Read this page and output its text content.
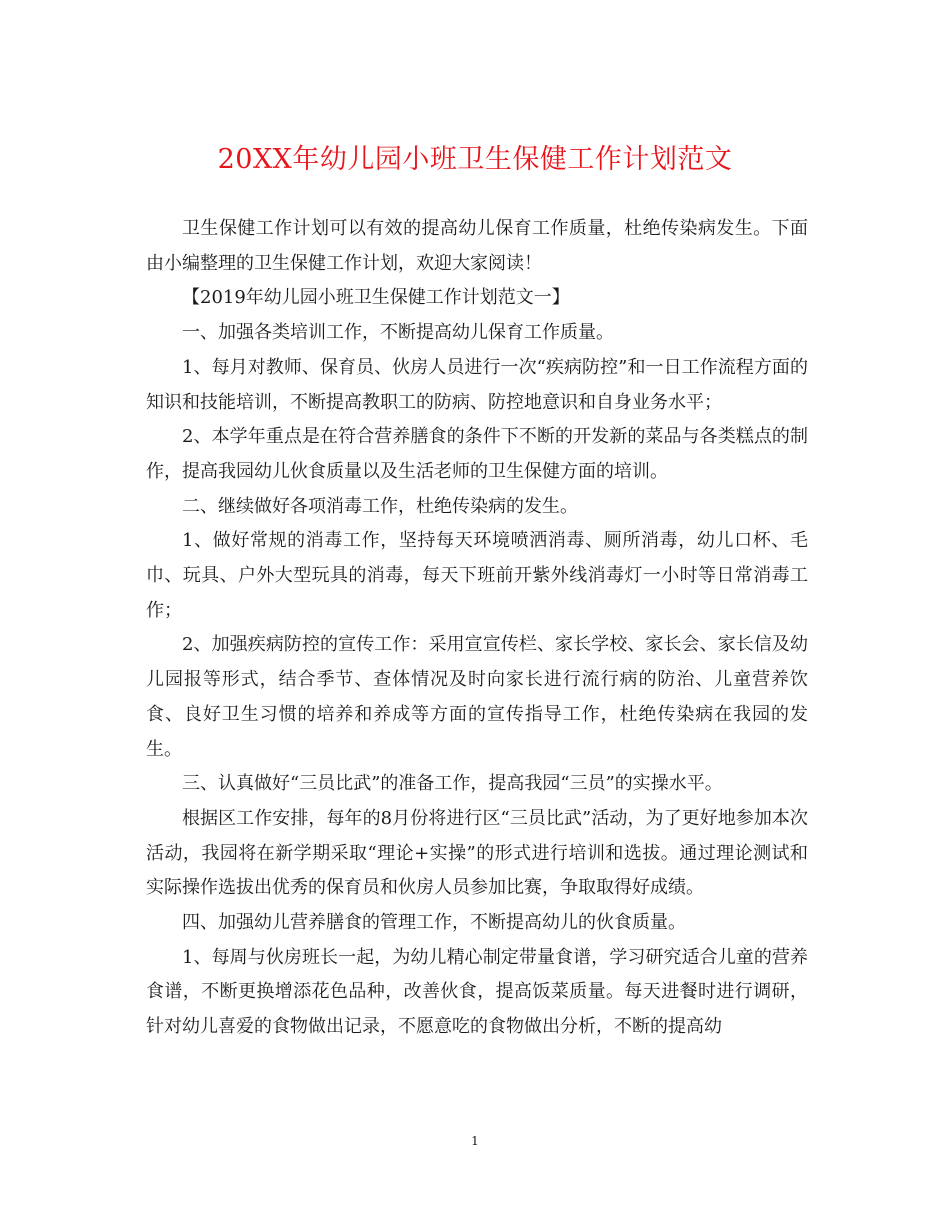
20XX年幼儿园小班卫生保健工作计划范文

卫生保健工作计划可以有效的提高幼儿保育工作质量，杜绝传染病发生。下面由小编整理的卫生保健工作计划，欢迎大家阅读！

【2019年幼儿园小班卫生保健工作计划范文一】

一、加强各类培训工作，不断提高幼儿保育工作质量。

1、每月对教师、保育员、伙房人员进行一次“疾病防控”和一日工作流程方面的知识和技能培训，不断提高教职工的防病、防控地意识和自身业务水平；

2、本学年重点是在符合营养膳食的条件下不断的开发新的菜品与各类糕点的制作，提高我园幼儿伙食质量以及生活老师的卫生保健方面的培训。

二、继续做好各项消毒工作，杜绝传染病的发生。

1、做好常规的消毒工作，坚持每天环境喷洒消毒、厕所消毒，幼儿口杯、毛巾、玩具、户外大型玩具的消毒，每天下班前开紫外线消毒灯一小时等日常消毒工作；

2、加强疾病防控的宣传工作：采用宣宣传栏、家长学校、家长会、家长信及幼儿园报等形式，结合季节、查体情况及时向家长进行流行病的防治、儿童营养饮食、良好卫生习惯的培养和养成等方面的宣传指导工作，杜绝传染病在我园的发生。

三、认真做好“三员比武”的准备工作，提高我园“三员”的实操水平。

根据区工作安排，每年的8月份将进行区“三员比武”活动，为了更好地参加本次活动，我园将在新学期采取“理论+实操”的形式进行培训和选拔。通过理论测试和实际操作选拔出优秀的保育员和伙房人员参加比赛，争取取得好成绩。

四、加强幼儿营养膳食的管理工作，不断提高幼儿的伙食质量。

1、每周与伙房班长一起，为幼儿精心制定带量食谱，学习研究适合儿童的营养食谱，不断更换增添花色品种，改善伙食，提高饭菜质量。每天进餐时进行调研，针对幼儿喜爱的食物做出记录，不愿意吃的食物做出分析，不断的提高幼

1
